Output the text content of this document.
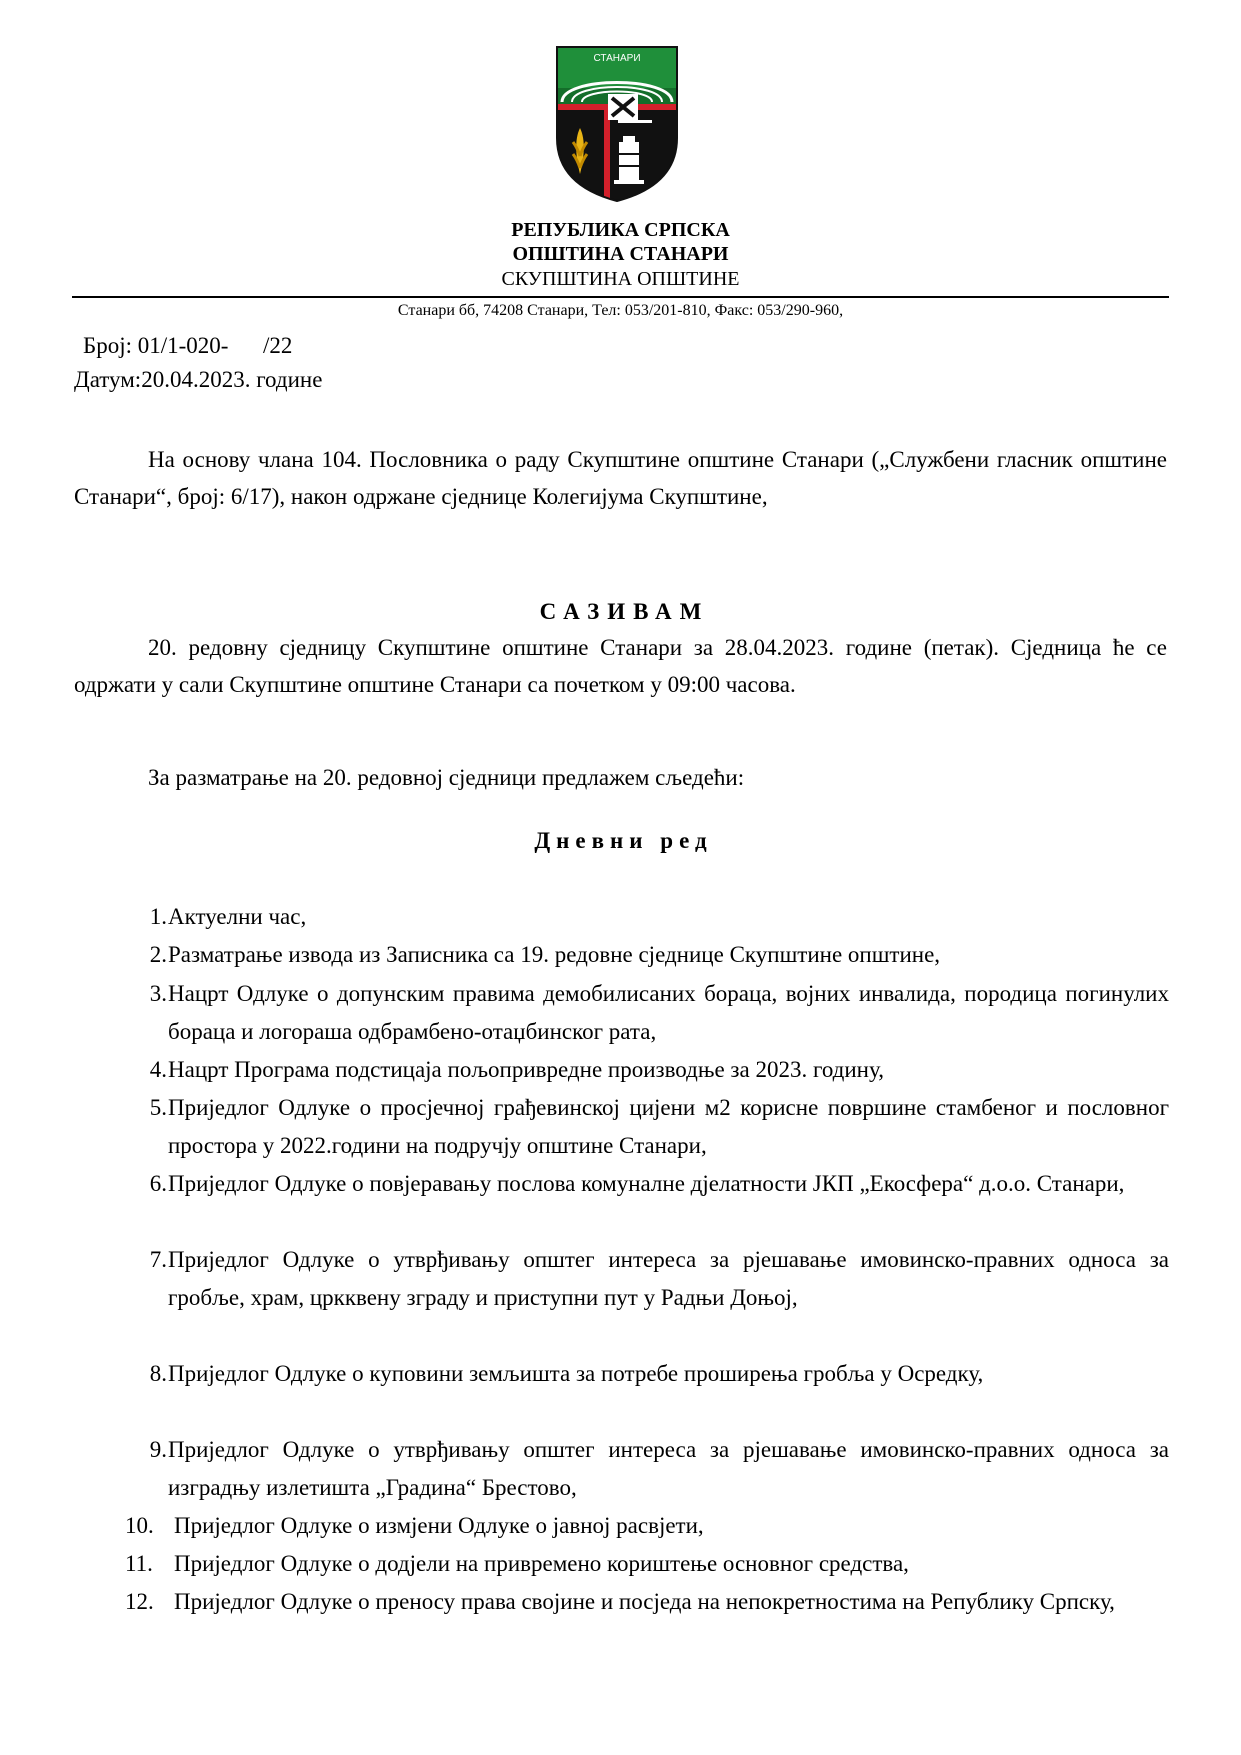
СТАНАРИ
РЕПУБЛИКА СРПСКА
ОПШТИНА СТАНАРИ
СКУПШТИНА ОПШТИНЕ
Станари бб, 74208 Станари, Тел: 053/201-810, Факс: 053/290-960,
Број: 01/1-020-      /22
Датум:20.04.2023. године
На основу члана 104. Пословника о раду Скупштине општине Станари („Службени гласник општине Станари“, број: 6/17), након одржане сједнице Колегијума Скупштине,
САЗИВАМ
20. редовну сједницу Скупштине општине Станари за 28.04.2023. године (петак). Сједница ће се одржати у сали Скупштине општине Станари са почетком у 09:00 часова.
За разматрање на 20. редовној сједници предлажем сљедећи:
Дневни ред
1. Актуелни час,
2. Разматрање извода из Записника са 19. редовне сједнице Скупштине општине,
3. Нацрт Одлуке о допунским правима демобилисаних бораца, војних инвалида, породица погинулих бораца и логораша одбрамбено-отаџбинског рата,
4. Нацрт Програма подстицаја пољопривредне производње за 2023. годину,
5. Приједлог Одлуке о просјечној грађевинској цијени м2 корисне површине стамбеног и пословног простора у 2022.години на подручју општине Станари,
6. Приједлог Одлуке о повјеравању послова комуналне дјелатности ЈКП „Екосфера“ д.о.о. Станари,
7. Приједлог Одлуке о утврђивању општег интереса за рјешавање имовинско-правних односа за гробље, храм, цркквену зграду и приступни пут у Радњи Доњој,
8. Приједлог Одлуке о куповини земљишта за потребе проширења гробља у Осредку,
9. Приједлог Одлуке о утврђивању општег интереса за рјешавање имовинско-правних односа за изградњу излетишта „Градина“ Брестово,
10. Приједлог Одлуке о измјени Одлуке о јавној расвјети,
11. Приједлог Одлуке о додјели на привремено кориштење основног средства,
12. Приједлог Одлуке о преносу права својине и посједа на непокретностима на Републику Српску,
